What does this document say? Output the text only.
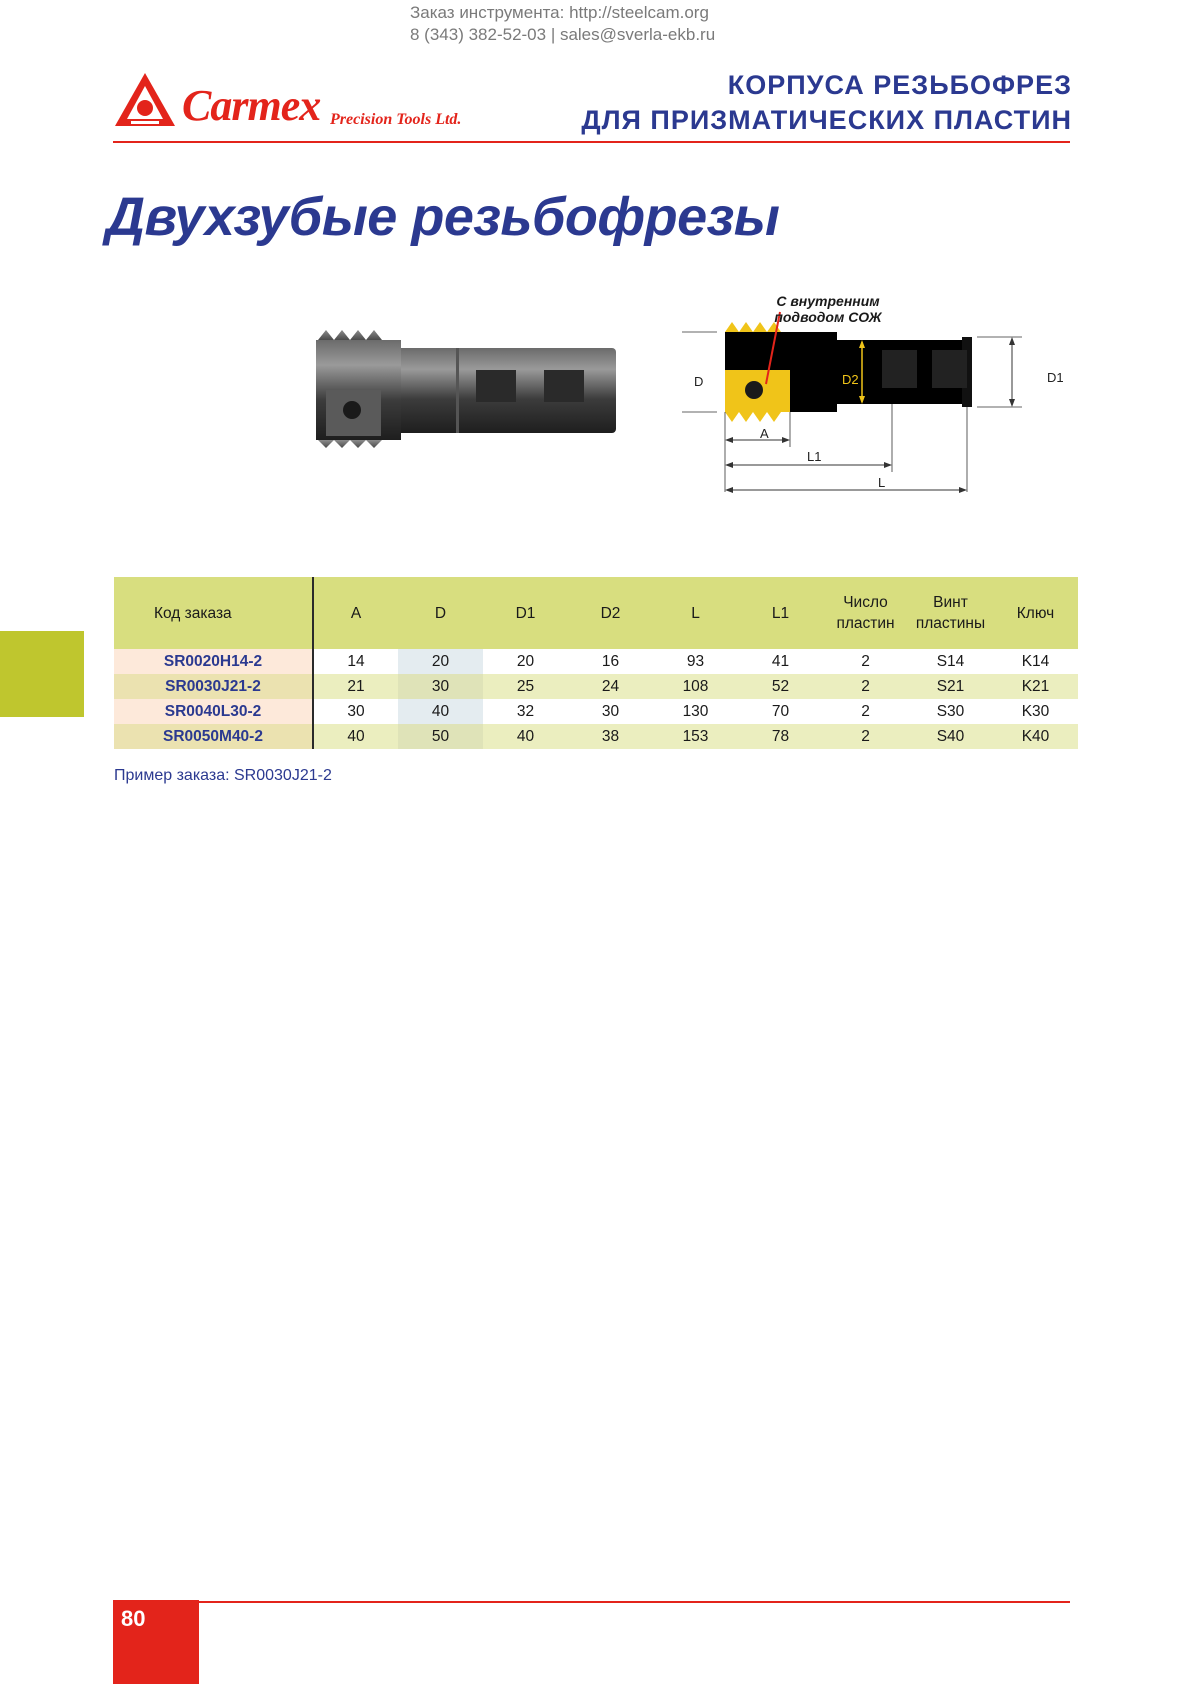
Заказ инструмента: http://steelcam.org
8 (343) 382-52-03 | sales@sverla-ekb.ru
Carmex Precision Tools Ltd.
КОРПУСА РЕЗЬБОФРЕЗ
ДЛЯ ПРИЗМАТИЧЕСКИХ ПЛАСТИН
Двухзубые резьбофрезы
С внутренним подводом СОЖ
D	D1
D2
A
L1
L
Код заказа	A	D	D1	D2	L	L1	Число пластин	Винт пластины	Ключ
SR0020H14-2	14	20	20	16	93	41	2	S14	K14
SR0030J21-2	21	30	25	24	108	52	2	S21	K21
SR0040L30-2	30	40	32	30	130	70	2	S30	K30
SR0050M40-2	40	50	40	38	153	78	2	S40	K40
Пример заказа: SR0030J21-2
80
